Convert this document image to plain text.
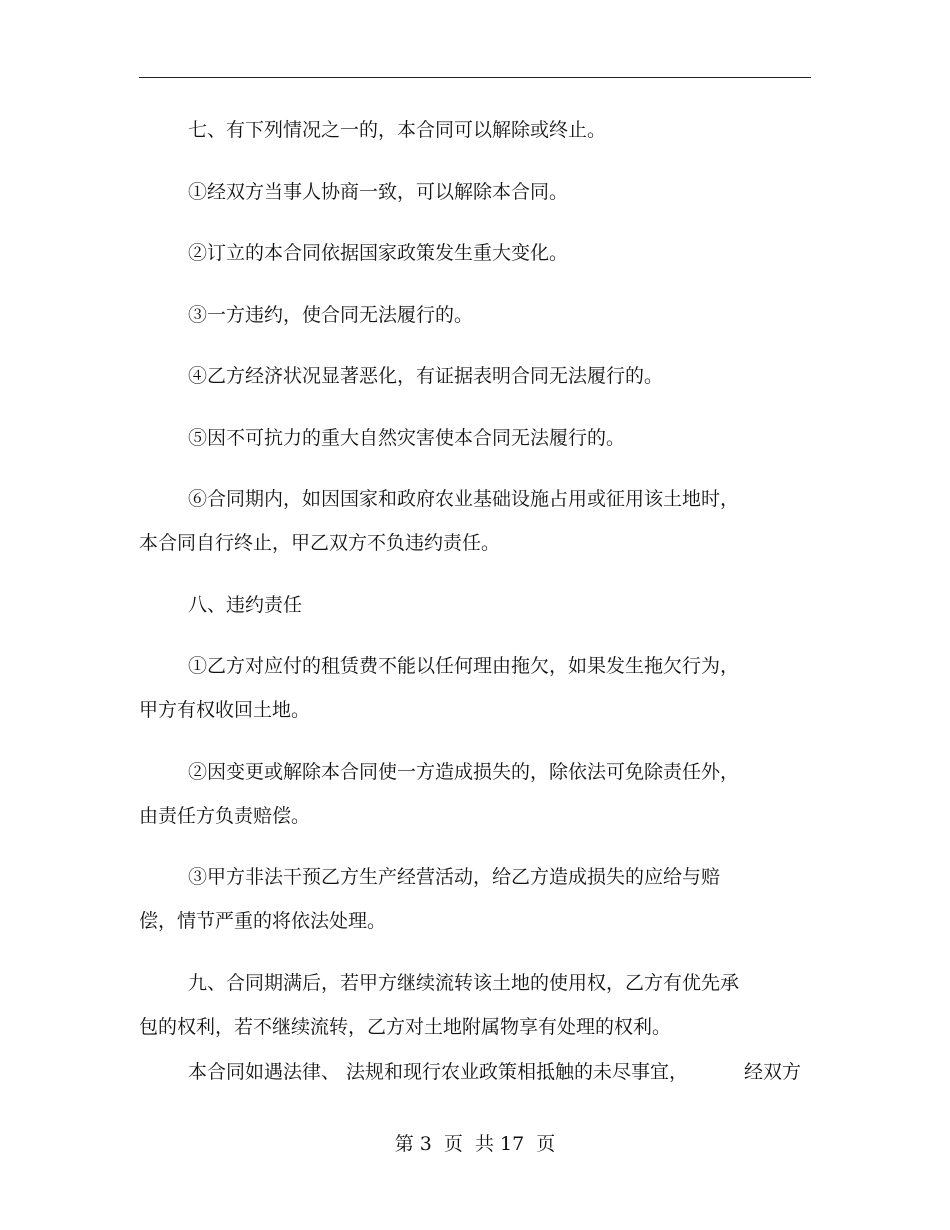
七、有下列情况之一的，本合同可以解除或终止。
①经双方当事人协商一致，可以解除本合同。
②订立的本合同依据国家政策发生重大变化。
③一方违约，使合同无法履行的。
④乙方经济状况显著恶化，有证据表明合同无法履行的。
⑤因不可抗力的重大自然灾害使本合同无法履行的。
⑥合同期内，如因国家和政府农业基础设施占用或征用该土地时，
本合同自行终止，甲乙双方不负违约责任。
八、违约责任
①乙方对应付的租赁费不能以任何理由拖欠，如果发生拖欠行为，
甲方有权收回土地。
②因变更或解除本合同使一方造成损失的，除依法可免除责任外，
由责任方负责赔偿。
③甲方非法干预乙方生产经营活动，给乙方造成损失的应给与赔
偿，情节严重的将依法处理。
九、合同期满后，若甲方继续流转该土地的使用权，乙方有优先承
包的权利，若不继续流转，乙方对土地附属物享有处理的权利。
本合同如遇法律、 法规和现行农业政策相抵触的未尽事宜，	经双方
第 3  页  共 17  页
